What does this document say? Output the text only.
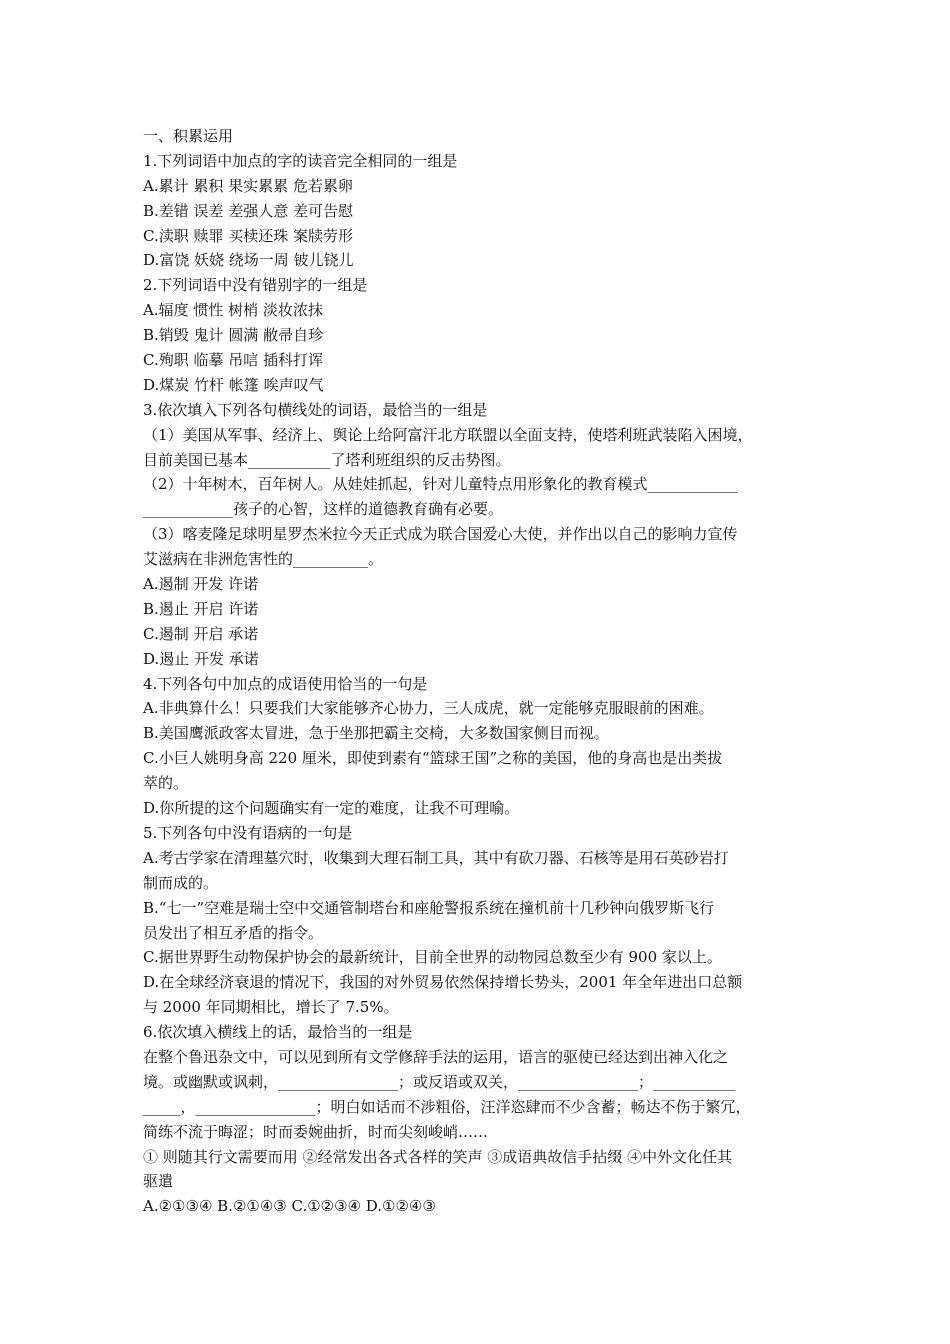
一、积累运用
1.下列词语中加点的字的读音完全相同的一组是
A.累计 累积 果实累累 危若累卵
B.差错 误差 差强人意 差可告慰
C.渎职 赎罪 买椟还珠 案牍劳形
D.富饶 妖娆 绕场一周 铍儿铙儿
2.下列词语中没有错别字的一组是
A.辐度 惯性 树梢 淡妆浓抹
B.销毁 鬼计 圆满 敝帚自珍
C.殉职 临摹 吊唁 插科打诨
D.煤炭 竹杆 帐篷 唉声叹气
3.依次填入下列各句横线处的词语，最恰当的一组是
（1）美国从军事、经济上、舆论上给阿富汗北方联盟以全面支持，使塔利班武装陷入困境，
目前美国已基本___________了塔利班组织的反击势图。
（2）十年树木，百年树人。从娃娃抓起，针对儿童特点用形象化的教育模式____________
____________孩子的心智，这样的道德教育确有必要。
（3）喀麦隆足球明星罗杰米拉今天正式成为联合国爱心大使，并作出以自己的影响力宣传
艾滋病在非洲危害性的__________。
A.遏制 开发 许诺
B.遏止 开启 许诺
C.遏制 开启 承诺
D.遏止 开发 承诺
4.下列各句中加点的成语使用恰当的一句是
A.非典算什么！只要我们大家能够齐心协力，三人成虎，就一定能够克服眼前的困难。
B.美国鹰派政客太冒进，急于坐那把霸主交椅，大多数国家侧目而视。
C.小巨人姚明身高 220 厘米，即使到素有“篮球王国”之称的美国，他的身高也是出类拔
萃的。
D.你所提的这个问题确实有一定的难度，让我不可理喻。
5.下列各句中没有语病的一句是
A.考古学家在清理墓穴时，收集到大理石制工具，其中有砍刀器、石核等是用石英砂岩打
制而成的。
B.“七一”空难是瑞士空中交通管制塔台和座舱警报系统在撞机前十几秒钟向俄罗斯飞行
员发出了相互矛盾的指令。
C.据世界野生动物保护协会的最新统计，目前全世界的动物园总数至少有 900 家以上。
D.在全球经济衰退的情况下，我国的对外贸易依然保持增长势头，2001 年全年进出口总额
与 2000 年同期相比，增长了 7.5%。
6.依次填入横线上的话，最恰当的一组是
在整个鲁迅杂文中，可以见到所有文学修辞手法的运用，语言的驱使已经达到出神入化之
境。或幽默或讽刺，________________；或反语或双关，________________；___________
_____，________________；明白如话而不涉粗俗，汪洋恣肆而不少含蓄；畅达不伤于繁冗，
简练不流于晦涩；时而委婉曲折，时而尖刻峻峭……
① 则随其行文需要而用 ②经常发出各式各样的笑声 ③成语典故信手拈缀 ④中外文化任其
驱遣
A.②①③④ B.②①④③ C.①②③④ D.①②④③
